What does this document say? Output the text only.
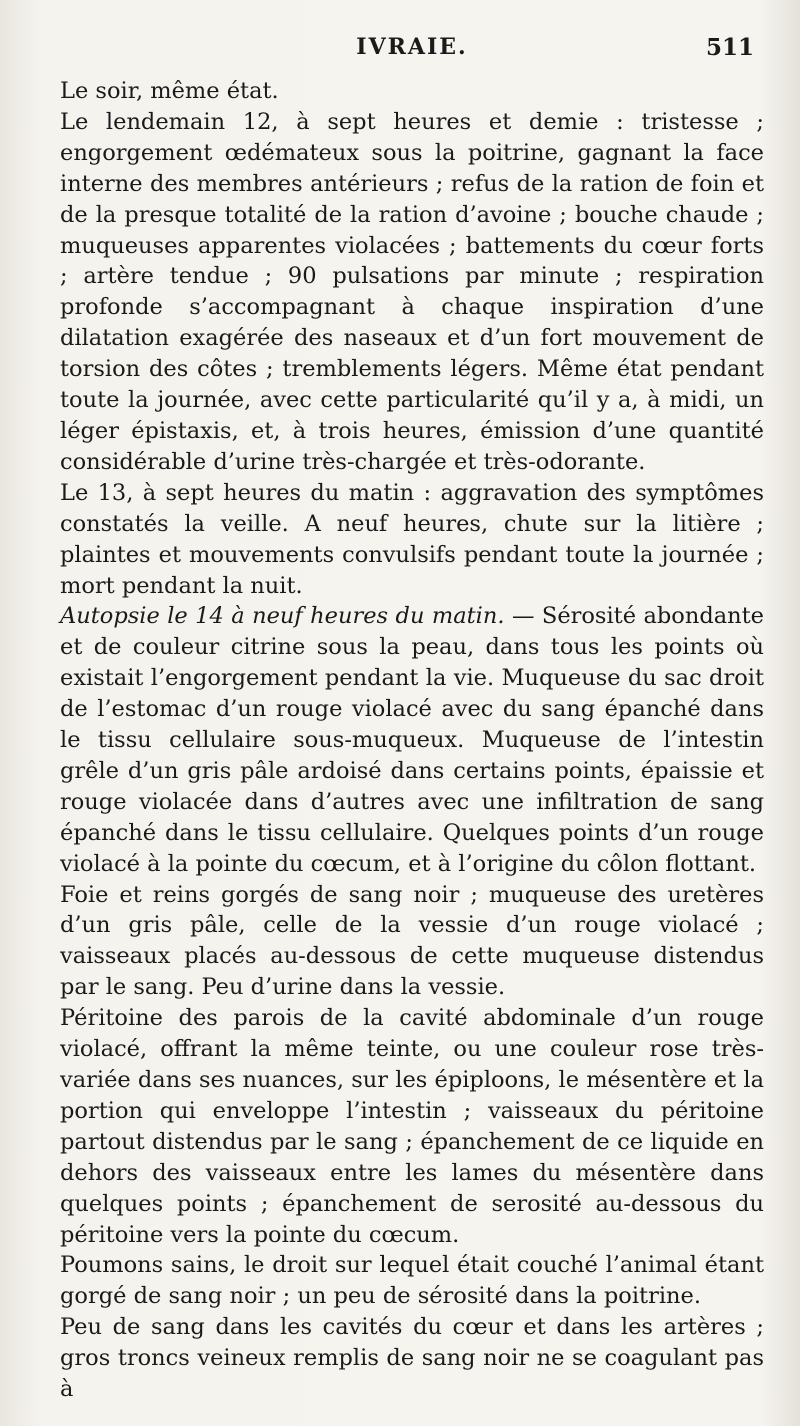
IVRAIE.	511

Le soir, même état.

Le lendemain 12, à sept heures et demie : tristesse ; engorgement œdémateux sous la poitrine, gagnant la face interne des membres antérieurs ; refus de la ration de foin et de la presque totalité de la ration d’avoine ; bouche chaude ; muqueuses apparentes violacées ; battements du cœur forts ; artère tendue ; 90 pulsations par minute ; respiration profonde s’accompagnant à chaque inspiration d’une dilatation exagérée des naseaux et d’un fort mouvement de torsion des côtes ; tremblements légers. Même état pendant toute la journée, avec cette particularité qu’il y a, à midi, un léger épistaxis, et, à trois heures, émission d’une quantité considérable d’urine très-chargée et très-odorante.

Le 13, à sept heures du matin : aggravation des symptômes constatés la veille. A neuf heures, chute sur la litière ; plaintes et mouvements convulsifs pendant toute la journée ; mort pendant la nuit.

Autopsie le 14 à neuf heures du matin. — Sérosité abondante et de couleur citrine sous la peau, dans tous les points où existait l’engorgement pendant la vie. Muqueuse du sac droit de l’estomac d’un rouge violacé avec du sang épanché dans le tissu cellulaire sous-muqueux. Muqueuse de l’intestin grêle d’un gris pâle ardoisé dans certains points, épaissie et rouge violacée dans d’autres avec une infiltration de sang épanché dans le tissu cellulaire. Quelques points d’un rouge violacé à la pointe du cœcum, et à l’origine du côlon flottant.

Foie et reins gorgés de sang noir ; muqueuse des uretères d’un gris pâle, celle de la vessie d’un rouge violacé ; vaisseaux placés au-dessous de cette muqueuse distendus par le sang. Peu d’urine dans la vessie.

Péritoine des parois de la cavité abdominale d’un rouge violacé, offrant la même teinte, ou une couleur rose très-variée dans ses nuances, sur les épiploons, le mésentère et la portion qui enveloppe l’intestin ; vaisseaux du péritoine partout distendus par le sang ; épanchement de ce liquide en dehors des vaisseaux entre les lames du mésentère dans quelques points ; épanchement de serosité au-dessous du péritoine vers la pointe du cœcum.

Poumons sains, le droit sur lequel était couché l’animal étant gorgé de sang noir ; un peu de sérosité dans la poitrine.

Peu de sang dans les cavités du cœur et dans les artères ; gros troncs veineux remplis de sang noir ne se coagulant pas à
